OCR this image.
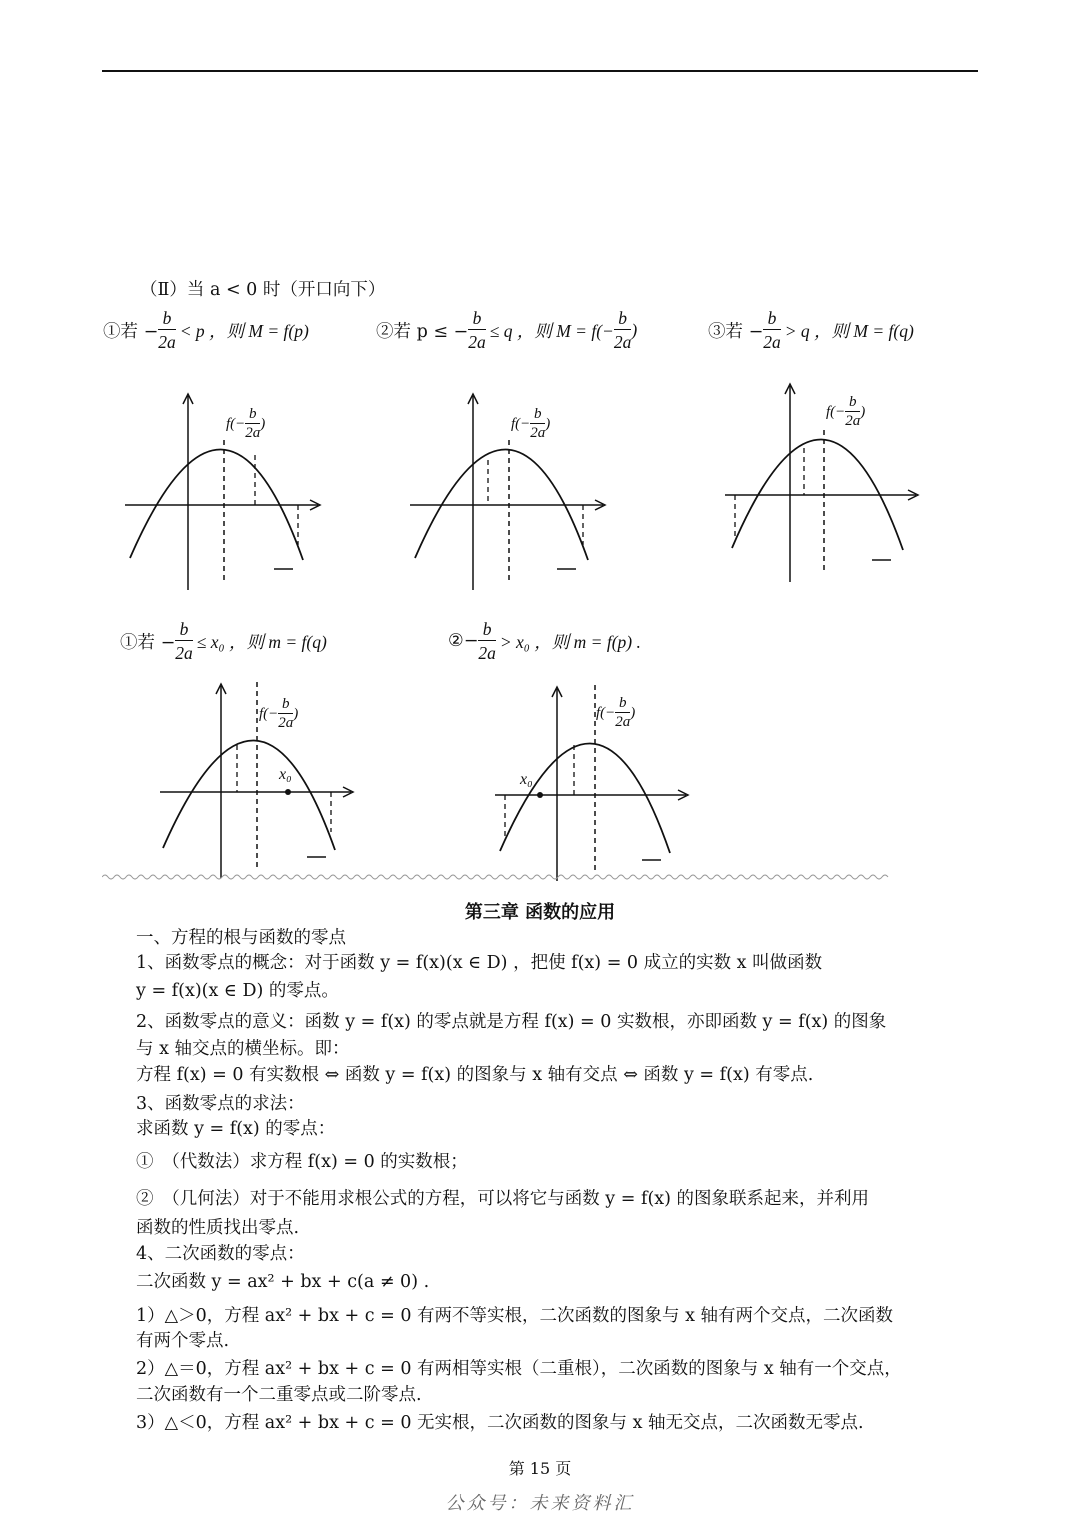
（Ⅱ）当 a < 0 时（开口向下）
①若 − $\frac{b}{2a} < p$ ，则 M = f(p)	②若 p ≤ − $\frac{b}{2a} \le q$ ，则 $M = f(- \frac{b}{2a}$ )	③若 − $\frac{b}{2a} > q$ ，则 M = f(q)
$f(- \frac{b}{2a}$ )	$f(- \frac{b}{2a}$ )
$f(- \frac{b}{2a}$ )
①若 − $\frac{b}{2a} \le x_0$ ，则 m = f(q)	②− $\frac{b}{2a} > x_0$ ，则 m = f(p) .
$f(- \frac{b}{2a}$ )
x₀
$f(- \frac{b}{2a}$ )
x₀
第三章 函数的应用
一、方程的根与函数的零点
1、函数零点的概念：对于函数 y = f(x)(x ∈ D) ，把使 f(x) = 0 成立的实数 x 叫做函数
y = f(x)(x ∈ D) 的零点。
2、函数零点的意义：函数 y = f(x) 的零点就是方程 f(x) = 0 实数根，亦即函数 y = f(x) 的图象
与 x 轴交点的横坐标。即：
方程 f(x) = 0 有实数根 ⇔ 函数 y = f(x) 的图象与 x 轴有交点 ⇔ 函数 y = f(x) 有零点.
3、函数零点的求法：
求函数 y = f(x) 的零点：
①　（代数法）求方程 f(x) = 0 的实数根；
②　（几何法）对于不能用求根公式的方程，可以将它与函数 y = f(x) 的图象联系起来，并利用
函数的性质找出零点.
4、二次函数的零点：
二次函数 y = ax² + bx + c(a ≠ 0) .
1）△＞0，方程 ax² + bx + c = 0 有两不等实根，二次函数的图象与 x 轴有两个交点，二次函数
有两个零点.
2）△＝0，方程 ax² + bx + c = 0 有两相等实根（二重根），二次函数的图象与 x 轴有一个交点，
二次函数有一个二重零点或二阶零点.
3）△＜0，方程 ax² + bx + c = 0 无实根，二次函数的图象与 x 轴无交点，二次函数无零点.
第 15 页
公众号：未来资料汇
